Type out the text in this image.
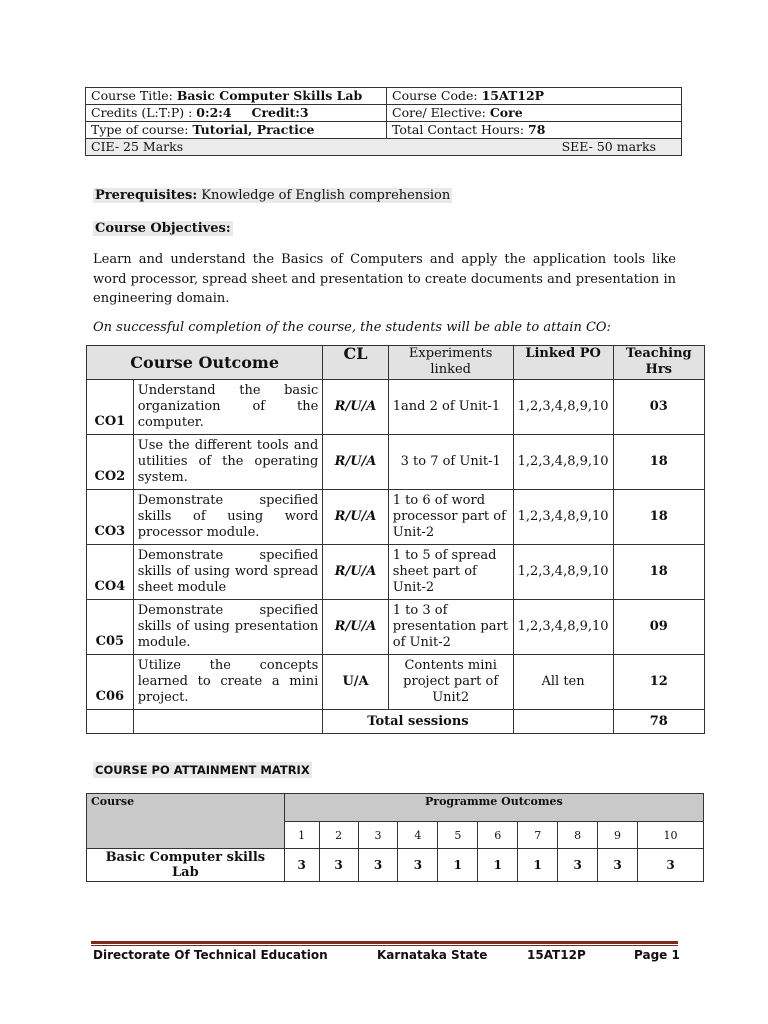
Course Title: Basic Computer Skills Lab	Course Code: 15AT12P
Credits (L:T:P) : 0:2:4 Credit:3	Core/ Elective: Core
Type of course: Tutorial, Practice	Total Contact Hours: 78
CIE- 25 Marks SEE- 50 marks	
Prerequisites: Knowledge of English comprehension
Course Objectives:
Learn and understand the Basics of Computers and apply the application tools like word processor, spread sheet and presentation to create documents and presentation in engineering domain.
On successful completion of the course, the students will be able to attain CO:
Course Outcome		CL	Experiments linked	Linked PO	Teaching Hrs
CO1	Understand the basic organization of the computer.	R/U/A	1and 2 of Unit-1	1,2,3,4,8,9,10	03
CO2	Use the different tools and utilities of the operating system.	R/U/A	3 to 7 of Unit-1	1,2,3,4,8,9,10	18
CO3	Demonstrate specified skills of using word processor module.	R/U/A	1 to 6 of word processor part of Unit-2	1,2,3,4,8,9,10	18
CO4	Demonstrate specified skills of using word spread sheet module	R/U/A	1 to 5 of spread sheet part of Unit-2	1,2,3,4,8,9,10	18
C05	Demonstrate specified skills of using presentation module.	R/U/A	1 to 3 of presentation part of Unit-2	1,2,3,4,8,9,10	09
C06	Utilize the concepts learned to create a mini project.	U/A	Contents mini project part of Unit2	All ten	12
		Total sessions			78
COURSE PO ATTAINMENT MATRIX
Course	Programme Outcomes									
	1	2	3	4	5	6	7	8	9	10
Basic Computer skills Lab	3	3	3	3	1	1	1	3	3	3
Directorate Of Technical Education	Karnataka State	15AT12P	Page 1
